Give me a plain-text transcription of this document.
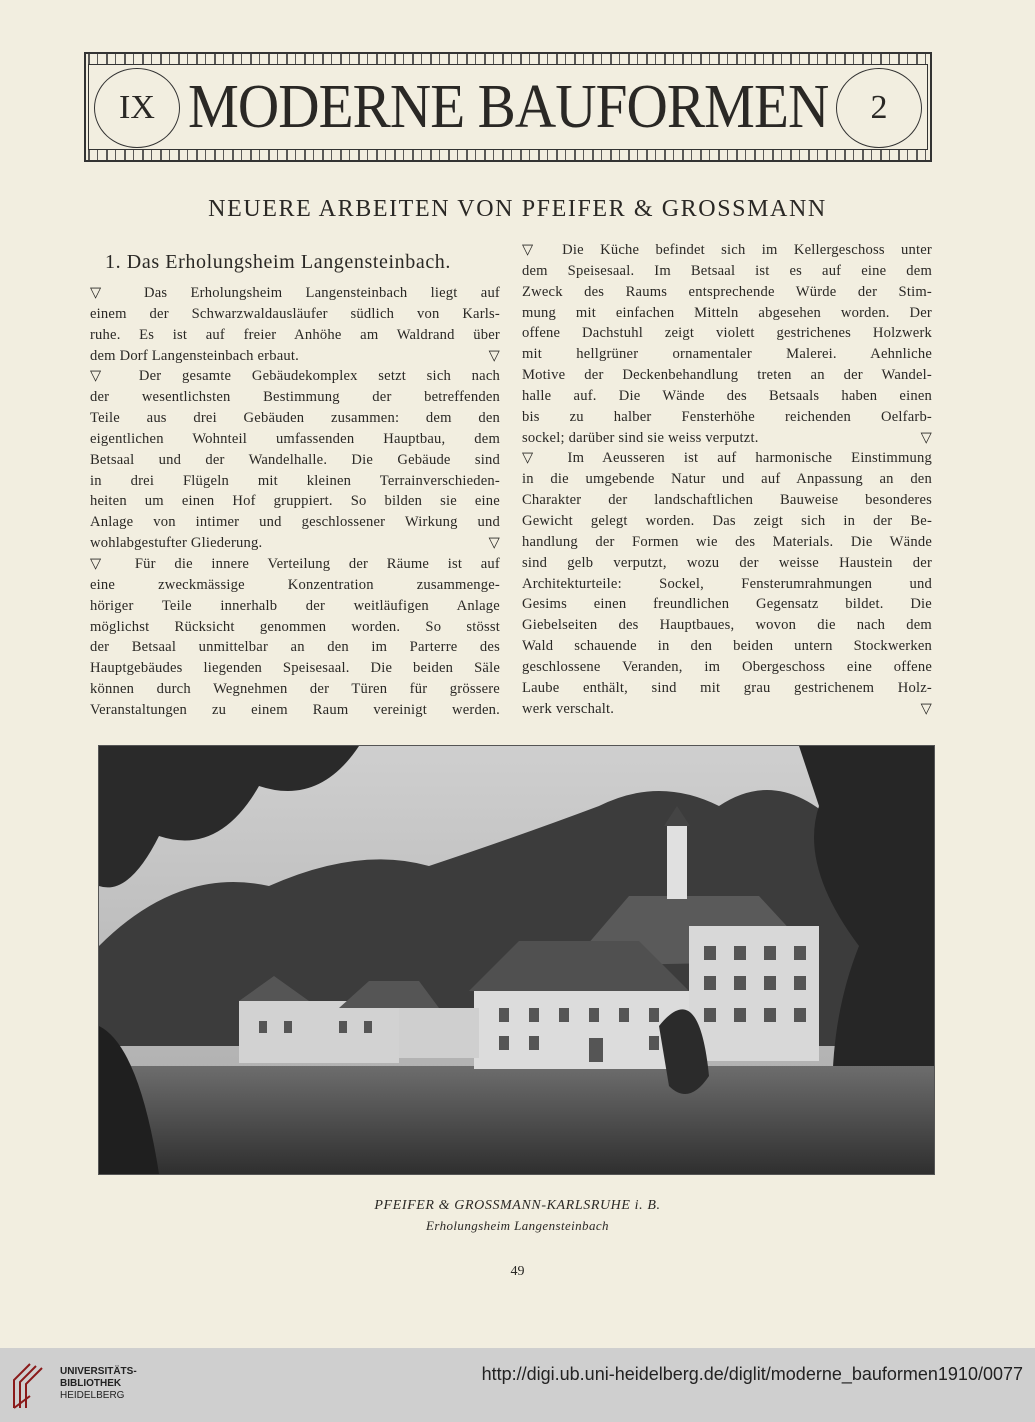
IX MODERNE BAUFORMEN	2
NEUERE ARBEITEN VON PFEIFER & GROSSMANN
1. Das Erholungsheim Langensteinbach.
▽ Das Erholungsheim Langensteinbach liegt auf
einem der Schwarzwaldausläufer südlich von Karls-
ruhe. Es ist auf freier Anhöhe am Waldrand über
dem Dorf Langensteinbach erbaut.	▽
▽ Der gesamte Gebäudekomplex setzt sich nach
der wesentlichsten Bestimmung der betreffenden
Teile aus drei Gebäuden zusammen: dem den
eigentlichen Wohnteil umfassenden Hauptbau, dem
Betsaal und der Wandelhalle. Die Gebäude sind
in drei Flügeln mit kleinen Terrainverschieden-
heiten um einen Hof gruppiert. So bilden sie eine
Anlage von intimer und geschlossener Wirkung und
wohlabgestufter Gliederung.	▽
▽ Für die innere Verteilung der Räume ist auf
eine zweckmässige Konzentration zusammenge-
höriger Teile innerhalb der weitläufigen Anlage
möglichst Rücksicht genommen worden. So stösst
der Betsaal unmittelbar an den im Parterre des
Hauptgebäudes liegenden Speisesaal. Die beiden Säle
können durch Wegnehmen der Türen für grössere
Veranstaltungen zu einem Raum vereinigt werden.
▽ Die Küche befindet sich im Kellergeschoss unter
dem Speisesaal. Im Betsaal ist es auf eine dem
Zweck des Raums entsprechende Würde der Stim-
mung mit einfachen Mitteln abgesehen worden. Der
offene Dachstuhl zeigt violett gestrichenes Holzwerk
mit hellgrüner ornamentaler Malerei. Aehnliche
Motive der Deckenbehandlung treten an der Wandel-
halle auf. Die Wände des Betsaals haben einen
bis zu halber Fensterhöhe reichenden Oelfarb-
sockel; darüber sind sie weiss verputzt.	▽
▽ Im Aeusseren ist auf harmonische Einstimmung
in die umgebende Natur und auf Anpassung an den
Charakter der landschaftlichen Bauweise besonderes
Gewicht gelegt worden. Das zeigt sich in der Be-
handlung der Formen wie des Materials. Die Wände
sind gelb verputzt, wozu der weisse Haustein der
Architekturteile: Sockel, Fensterumrahmungen und
Gesims einen freundlichen Gegensatz bildet. Die
Giebelseiten des Hauptbaues, wovon die nach dem
Wald schauende in den beiden untern Stockwerken
geschlossene Veranden, im Obergeschoss eine offene
Laube enthält, sind mit grau gestrichenem Holz-
werk verschalt.	▽
PFEIFER & GROSSMANN-KARLSRUHE i. B.
Erholungsheim Langensteinbach
49
UNIVERSITÄTS-
BIBLIOTHEK
HEIDELBERG
http://digi.ub.uni-heidelberg.de/diglit/moderne_bauformen1910/0077
